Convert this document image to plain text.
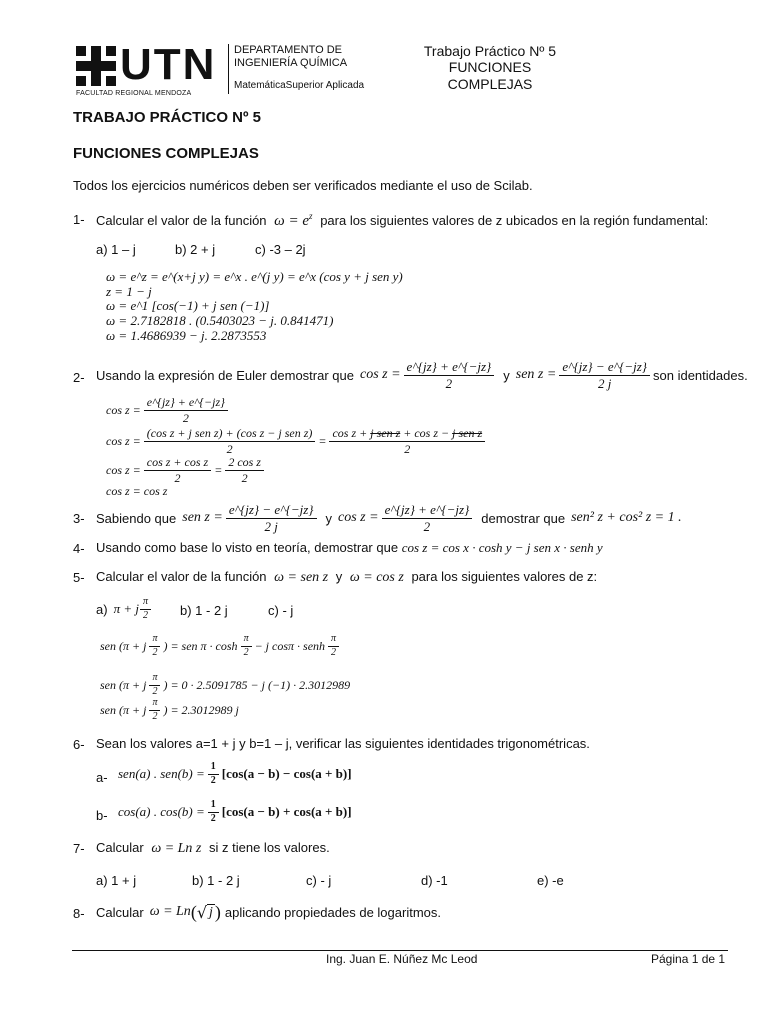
UTN
FACULTAD REGIONAL MENDOZA
DEPARTAMENTO DE
INGENIERÍA QUÍMICA
MatemáticaSuperior Aplicada
Trabajo Práctico Nº 5
FUNCIONES
COMPLEJAS
TRABAJO PRÁCTICO Nº 5
FUNCIONES COMPLEJAS
Todos los ejercicios numéricos deben ser verificados mediante el uso de Scilab.
1- Calcular el valor de la función $\omega = e^z$ para los siguientes valores de z ubicados en la región fundamental:
a) 1 – j	b) 2 + j	c) -3 – 2j
ω = e^z = e^(x+j y) = e^x . e^(j y) = e^x (cos y + j sen y)
z = 1 − j
ω = e^1 [cos(−1) + j sen (−1)]
ω = 2.7182818 . (0.5403023 − j. 0.841471)
ω = 1.4686939 − j. 2.2873553
2- Usando la expresión de Euler demostrar que $\cos z = \frac{e\^{}\{jz\} + e\^{}\{-jz\}}{2}$ y sen $z = \frac{e\^{}\{jz\} - e\^{}\{-jz\}}{2 j}$ son identidades.
$\cos z = \frac{e\^{}\{jz\} + e\^{}\{-jz\}}{2}$
$\cos z = \frac{\text{(cos z + j sen z) + (cos z − j sen z)}}{2} = \frac{\text{cos z + j sen z + cos z − j sen z}}{2}$
$\cos z = \frac{\text{cos z + cos z}}{2} = \frac{\text{2 cos z}}{2}$
cos z = cos z
3- Sabiendo que sen $z = \frac{e\^{}\{jz\} - e\^{}\{-jz\}}{2 j}$ y $\cos z = \frac{e\^{}\{jz\} + e\^{}\{-jz\}}{2}$ demostrar que sen² z + cos² z = 1 .
4- Usando como base lo visto en teoría, demostrar que cos z = cos x · cosh y − j sen x · senh y
5- Calcular el valor de la función ω = sen z y ω = cos z para los siguientes valores de z:
a) π + j $\frac{\pi}{2} b$) 1 - 2 j	c) - j
sen (π + j $\frac{\pi}{2}$ ) = sen $\pi \cdot \cosh \frac{\pi}{2} - j$ cosπ · senh $\frac{\pi}{2}$
sen (π + j $\frac{\pi}{2}$ ) = 0 · 2.5091785 − j (−1) · 2.3012989
sen (π + j $\frac{\pi}{2}$ ) = 2.3012989 j
6- Sean los valores a=1 + j y b=1 – j, verificar las siguientes identidades trigonométricas.
a- sen(a) . $sen(b) = \frac{1}{2} [\cos(a - b) - \cos(a + b)]$
b- cos(a) . $\cos(b) = \frac{1}{2} [\cos(a - b) + \cos(a + b)]$
7- Calcular ω = Ln z si z tiene los valores.
a) 1 + j	b) 1 - 2 j	c) - j	d) -1	e) -e
8- Calcular ω = Ln ( √ j ) aplicando propiedades de logaritmos.
Ing. Juan E. Núñez Mc Leod	Página 1 de 1
